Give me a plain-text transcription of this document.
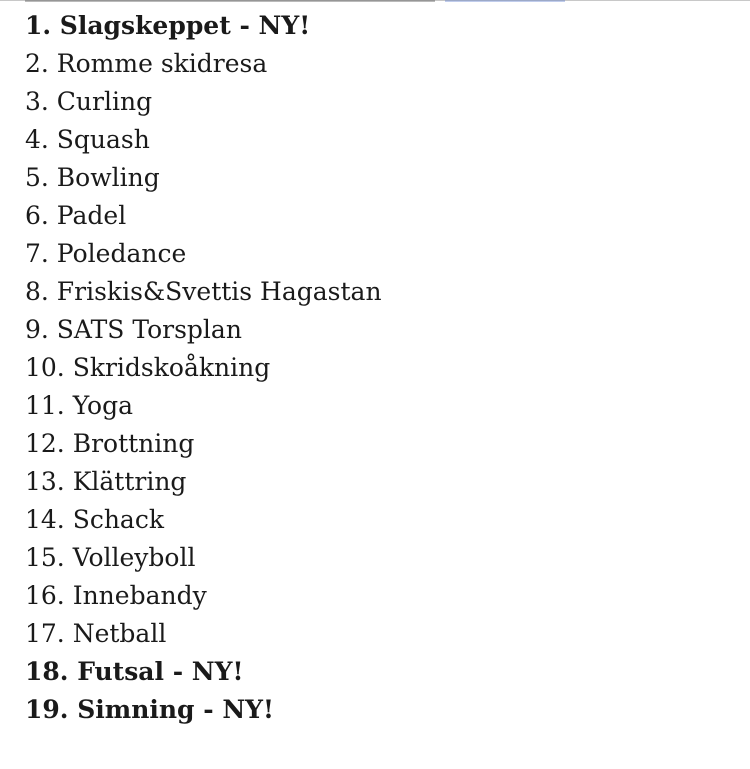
1. Slagskeppet - NY!
2. Romme skidresa
3. Curling
4. Squash
5. Bowling
6. Padel
7. Poledance
8. Friskis&Svettis Hagastan
9. SATS Torsplan
10. Skridskoåkning
11. Yoga
12. Brottning
13. Klättring
14. Schack
15. Volleyboll
16. Innebandy
17. Netball
18. Futsal - NY!
19. Simning - NY!
